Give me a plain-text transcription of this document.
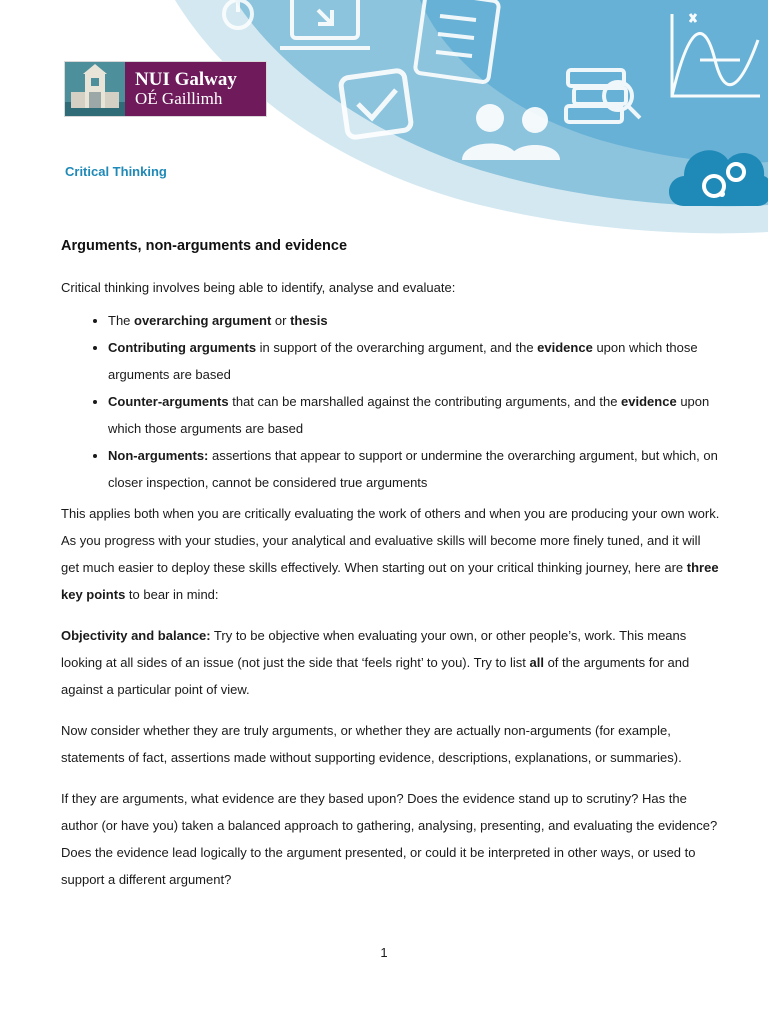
NUI Galway
OÉ Gaillimh
Critical Thinking
Arguments, non-arguments and evidence

Critical thinking involves being able to identify, analyse and evaluate:

• The overarching argument or thesis
• Contributing arguments in support of the overarching argument, and the evidence upon which those arguments are based
• Counter-arguments that can be marshalled against the contributing arguments, and the evidence upon which those arguments are based
• Non-arguments: assertions that appear to support or undermine the overarching argument, but which, on closer inspection, cannot be considered true arguments

This applies both when you are critically evaluating the work of others and when you are producing your own work. As you progress with your studies, your analytical and evaluative skills will become more finely tuned, and it will get much easier to deploy these skills effectively. When starting out on your critical thinking journey, here are three key points to bear in mind:

Objectivity and balance: Try to be objective when evaluating your own, or other people’s, work. This means looking at all sides of an issue (not just the side that ‘feels right’ to you). Try to list all of the arguments for and against a particular point of view.

Now consider whether they are truly arguments, or whether they are actually non-arguments (for example, statements of fact, assertions made without supporting evidence, descriptions, explanations, or summaries).

If they are arguments, what evidence are they based upon? Does the evidence stand up to scrutiny? Has the author (or have you) taken a balanced approach to gathering, analysing, presenting, and evaluating the evidence? Does the evidence lead logically to the argument presented, or could it be interpreted in other ways, or used to support a different argument?

1
